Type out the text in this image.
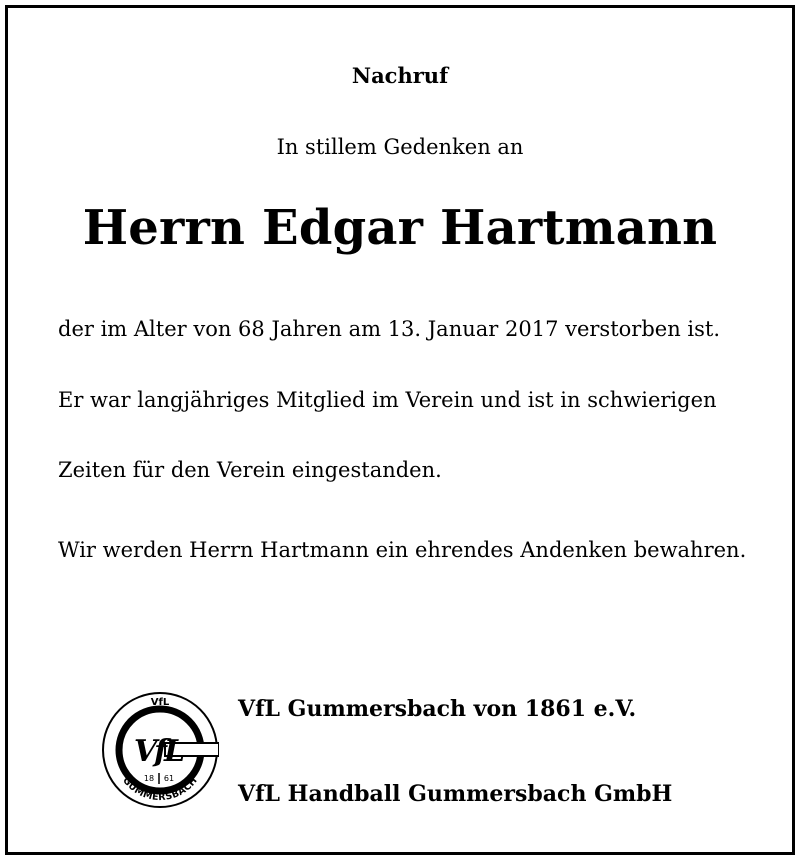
Nachruf
In stillem Gedenken an
Herrn Edgar Hartmann

der im Alter von 68 Jahren am 13. Januar 2017 verstorben ist.

Er war langjähriges Mitglied im Verein und ist in schwierigen Zeiten für den Verein eingestanden.

Wir werden Herrn Hartmann ein ehrendes Andenken bewahren.

VfL
VfL
18 61
GUMMERSBACH
VfL Gummersbach von 1861 e.V.
VfL Handball Gummersbach GmbH
